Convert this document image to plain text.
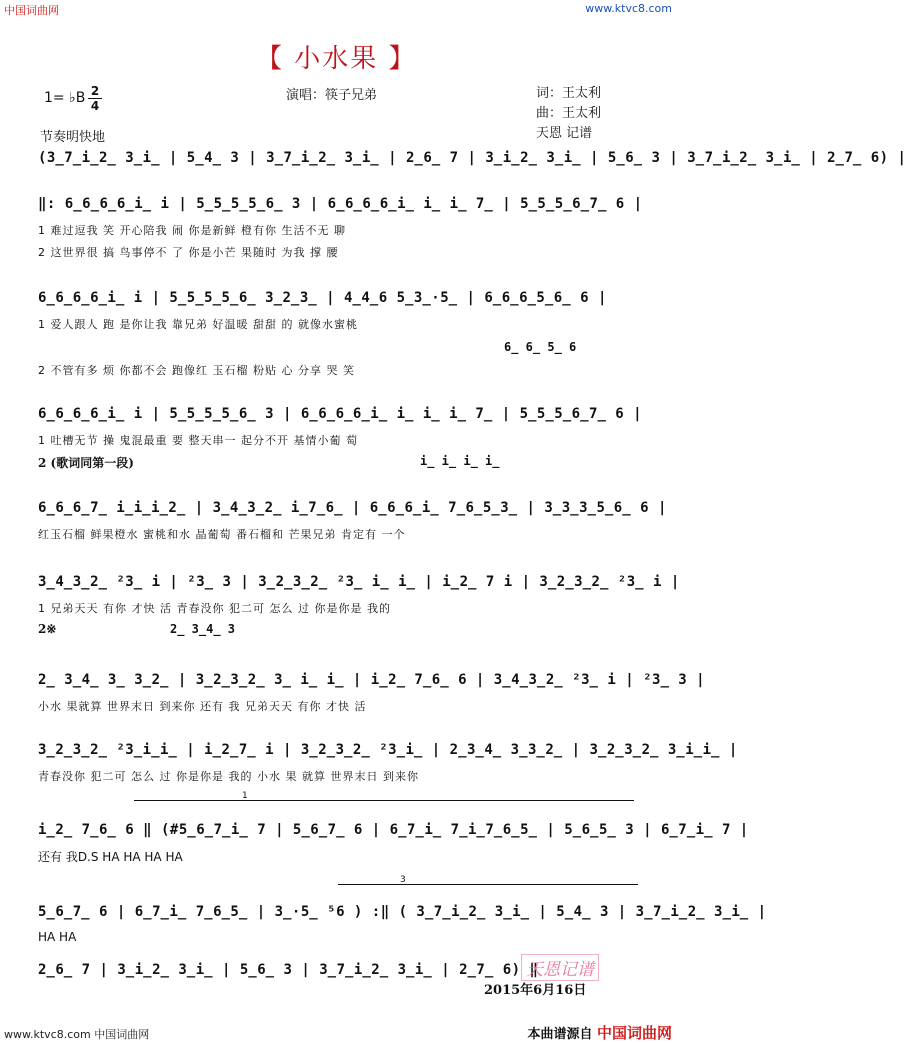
中国词曲网	www.ktvc8.com
【 小水果 】
1= ♭B 2
4
演唱：筷子兄弟	词：王太利
曲：王太利
天恩 记谱
节奏明快地
(3̲7̲i̲2̲ 3̲i̲ | 5̲4̲ 3 | 3̲7̲i̲2̲ 3̲i̲ | 2̲6̲ 7 | 3̲i̲2̲ 3̲i̲ | 5̲6̲ 3 | 3̲7̲i̲2̲ 3̲i̲ | 2̲7̲ 6) |
‖: 6̲6̲6̲6̲i̲ i | 5̲5̲5̲5̲6̲ 3 | 6̲6̲6̲6̲i̲ i̲ i̲ 7̲ | 5̲5̲5̲6̲7̲ 6 |
1 难过逗我 笑 开心陪我 闹 你是新鲜 橙有你 生活不无 聊
2 这世界很 搞 鸟事停不 了 你是小芒 果随时 为我 撑 腰
6̲6̲6̲6̲i̲ i | 5̲5̲5̲5̲6̲ 3̲2̲3̲ | 4̲4̲6 5̲3̲·5̲ | 6̲6̲6̲5̲6̲ 6 |
1 爱人跟人 跑 是你让我 靠兄弟 好温暖 甜甜 的 就像水蜜桃
6̲ 6̲ 5̲ 6
2 不管有多 烦 你都不会 跑像红 玉石榴 粉贴 心 分享 哭 笑
6̲6̲6̲6̲i̲ i | 5̲5̲5̲5̲6̲ 3 | 6̲6̲6̲6̲i̲ i̲ i̲ i̲ 7̲ | 5̲5̲5̲6̲7̲ 6 |
1 吐槽无节 操 鬼混最重 要 整天串一 起分不开 基情小葡 萄
2 (歌词同第一段)	i̲ i̲ i̲ i̲
6̲6̲6̲7̲ i̲i̲i̲2̲ | 3̲4̲3̲2̲ i̲7̲6̲ | 6̲6̲6̲i̲ 7̲6̲5̲3̲ | 3̲3̲3̲5̲6̲ 6 |
红玉石榴 鲜果橙水 蜜桃和水 晶葡萄 番石榴和 芒果兄弟 肯定有 一个
3̲4̲3̲2̲ ²3̲ i | ²3̲ 3 | 3̲2̲3̲2̲ ²3̲ i̲ i̲ | i̲2̲ 7 i | 3̲2̲3̲2̲ ²3̲ i |
1 兄弟天天 有你 才快 活 青春没你 犯二可 怎么 过 你是你是 我的
2※	2̲ 3̲4̲ 3
2̲ 3̲4̲ 3̲ 3̲2̲ | 3̲2̲3̲2̲ 3̲ i̲ i̲ | i̲2̲ 7̲6̲ 6 | 3̲4̲3̲2̲ ²3̲ i | ²3̲ 3 |
小水 果就算 世界末日 到来你 还有 我 兄弟天天 有你 才快 活
3̲2̲3̲2̲ ²3̲i̲i̲ | i̲2̲7̲ i | 3̲2̲3̲2̲ ²3̲i̲ | 2̲3̲4̲ 3̲3̲2̲ | 3̲2̲3̲2̲ 3̲i̲i̲ |
青春没你 犯二可 怎么 过 你是你是 我的 小水 果 就算 世界末日 到来你
1
i̲2̲ 7̲6̲ 6 ‖ (#5̲6̲7̲i̲ 7 | 5̲6̲7̲ 6 | 6̲7̲i̲ 7̲i̲7̲6̲5̲ | 5̲6̲5̲ 3 | 6̲7̲i̲ 7 |
还有 我D.S HA HA HA HA
3
5̲6̲7̲ 6 | 6̲7̲i̲ 7̲6̲5̲ | 3̲·5̲ ⁵6 ) :‖ ( 3̲7̲i̲2̲ 3̲i̲ | 5̲4̲ 3 | 3̲7̲i̲2̲ 3̲i̲ |
HA HA
2̲6̲ 7 | 3̲i̲2̲ 3̲i̲ | 5̲6̲ 3 | 3̲7̲i̲2̲ 3̲i̲ | 2̲7̲ 6) ‖
天恩记谱
2015年6月16日
www.ktvc8.com 中国词曲网	本曲谱源自 中国词曲网
